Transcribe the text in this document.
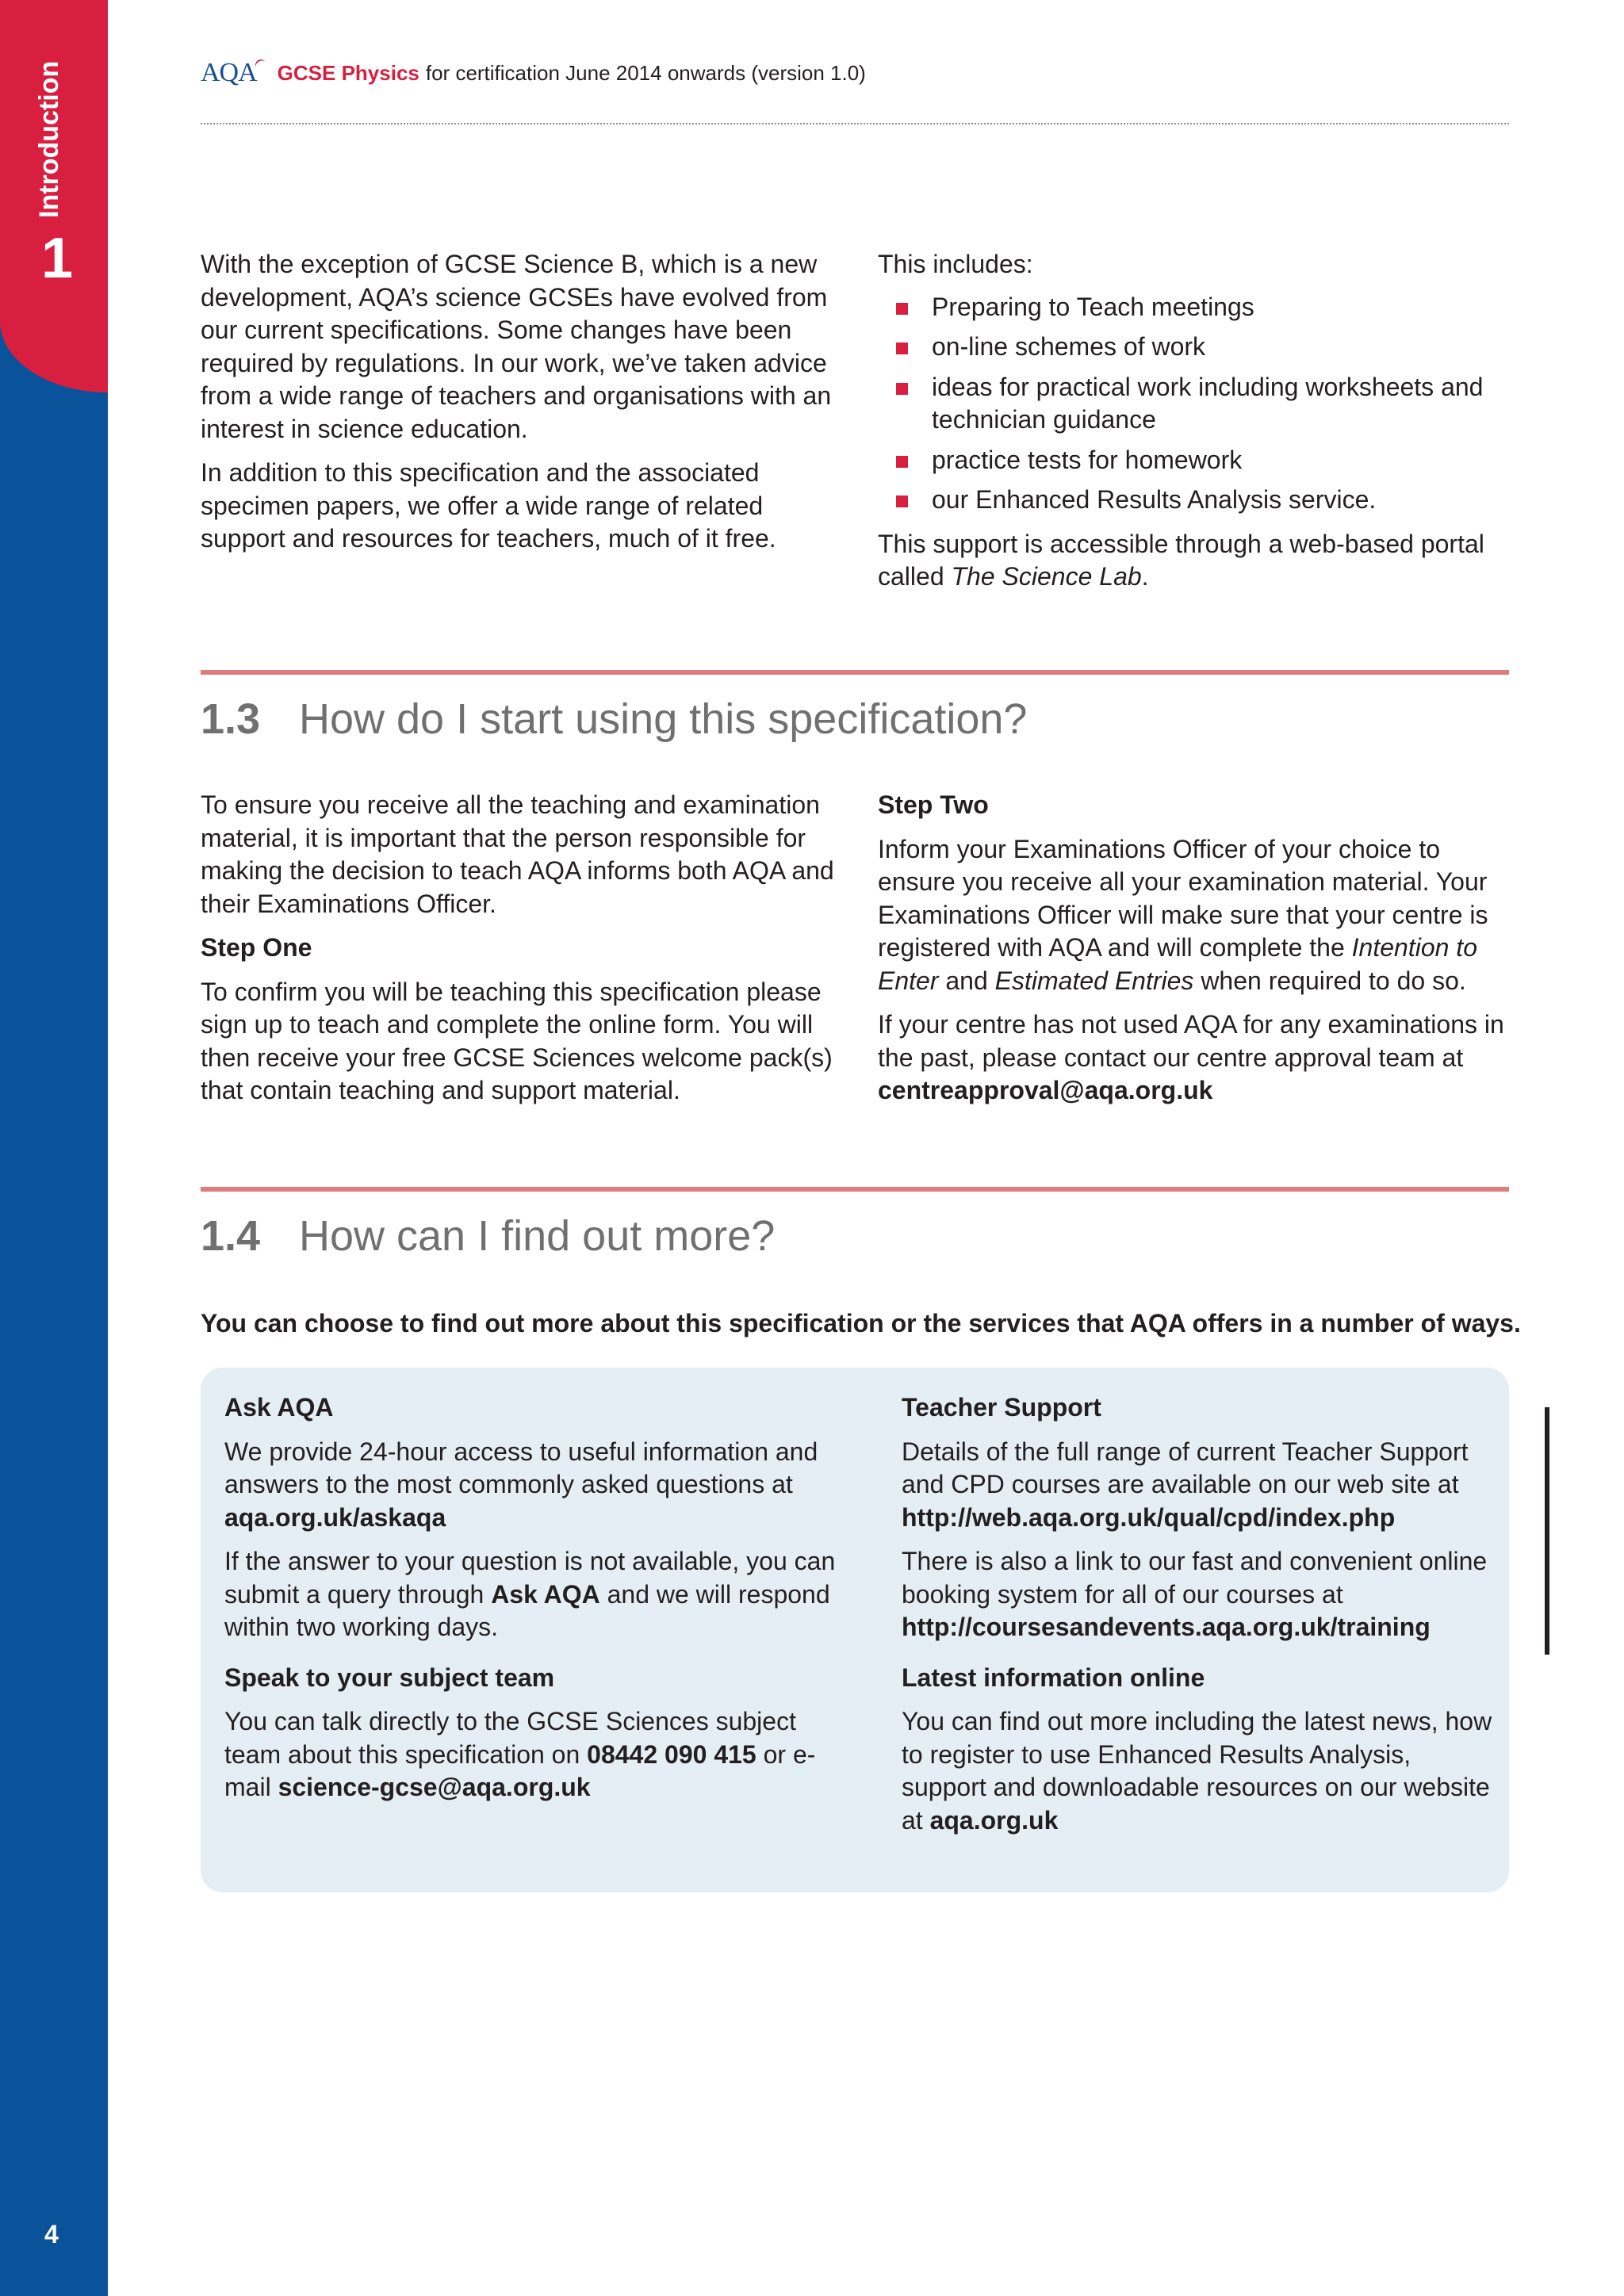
1
Introduction
4
AQA GCSE Physics for certification June 2014 onwards (version 1.0)

With the exception of GCSE Science B, which is a new development, AQA’s science GCSEs have evolved from our current specifications. Some changes have been required by regulations. In our work, we’ve taken advice from a wide range of teachers and organisations with an interest in science education.

In addition to this specification and the associated specimen papers, we offer a wide range of related support and resources for teachers, much of it free.

This includes:

Preparing to Teach meetings
on-line schemes of work
ideas for practical work including worksheets and technician guidance
practice tests for homework
our Enhanced Results Analysis service.

This support is accessible through a web-based portal called The Science Lab.

1.3 How do I start using this specification?

To ensure you receive all the teaching and examination material, it is important that the person responsible for making the decision to teach AQA informs both AQA and their Examinations Officer.

Step One

To confirm you will be teaching this specification please sign up to teach and complete the online form. You will then receive your free GCSE Sciences welcome pack(s) that contain teaching and support material.

Step Two

Inform your Examinations Officer of your choice to ensure you receive all your examination material. Your Examinations Officer will make sure that your centre is registered with AQA and will complete the Intention to Enter and Estimated Entries when required to do so.

If your centre has not used AQA for any examinations in the past, please contact our centre approval team at
centreapproval@aqa.org.uk

1.4 How can I find out more?
You can choose to find out more about this specification or the services that AQA offers in a number of ways.
Ask AQA

We provide 24-hour access to useful information and answers to the most commonly asked questions at aqa.org.uk/askaqa

If the answer to your question is not available, you can submit a query through Ask AQA and we will respond within two working days.

Speak to your subject team

You can talk directly to the GCSE Sciences subject team about this specification on 08442 090 415 or e-mail science-gcse@aqa.org.uk

Teacher Support

Details of the full range of current Teacher Support and CPD courses are available on our web site at
http://web.aqa.org.uk/qual/cpd/index.php

There is also a link to our fast and convenient online booking system for all of our courses at
http://coursesandevents.aqa.org.uk/training

Latest information online

You can find out more including the latest news, how to register to use Enhanced Results Analysis, support and downloadable resources on our website at aqa.org.uk
